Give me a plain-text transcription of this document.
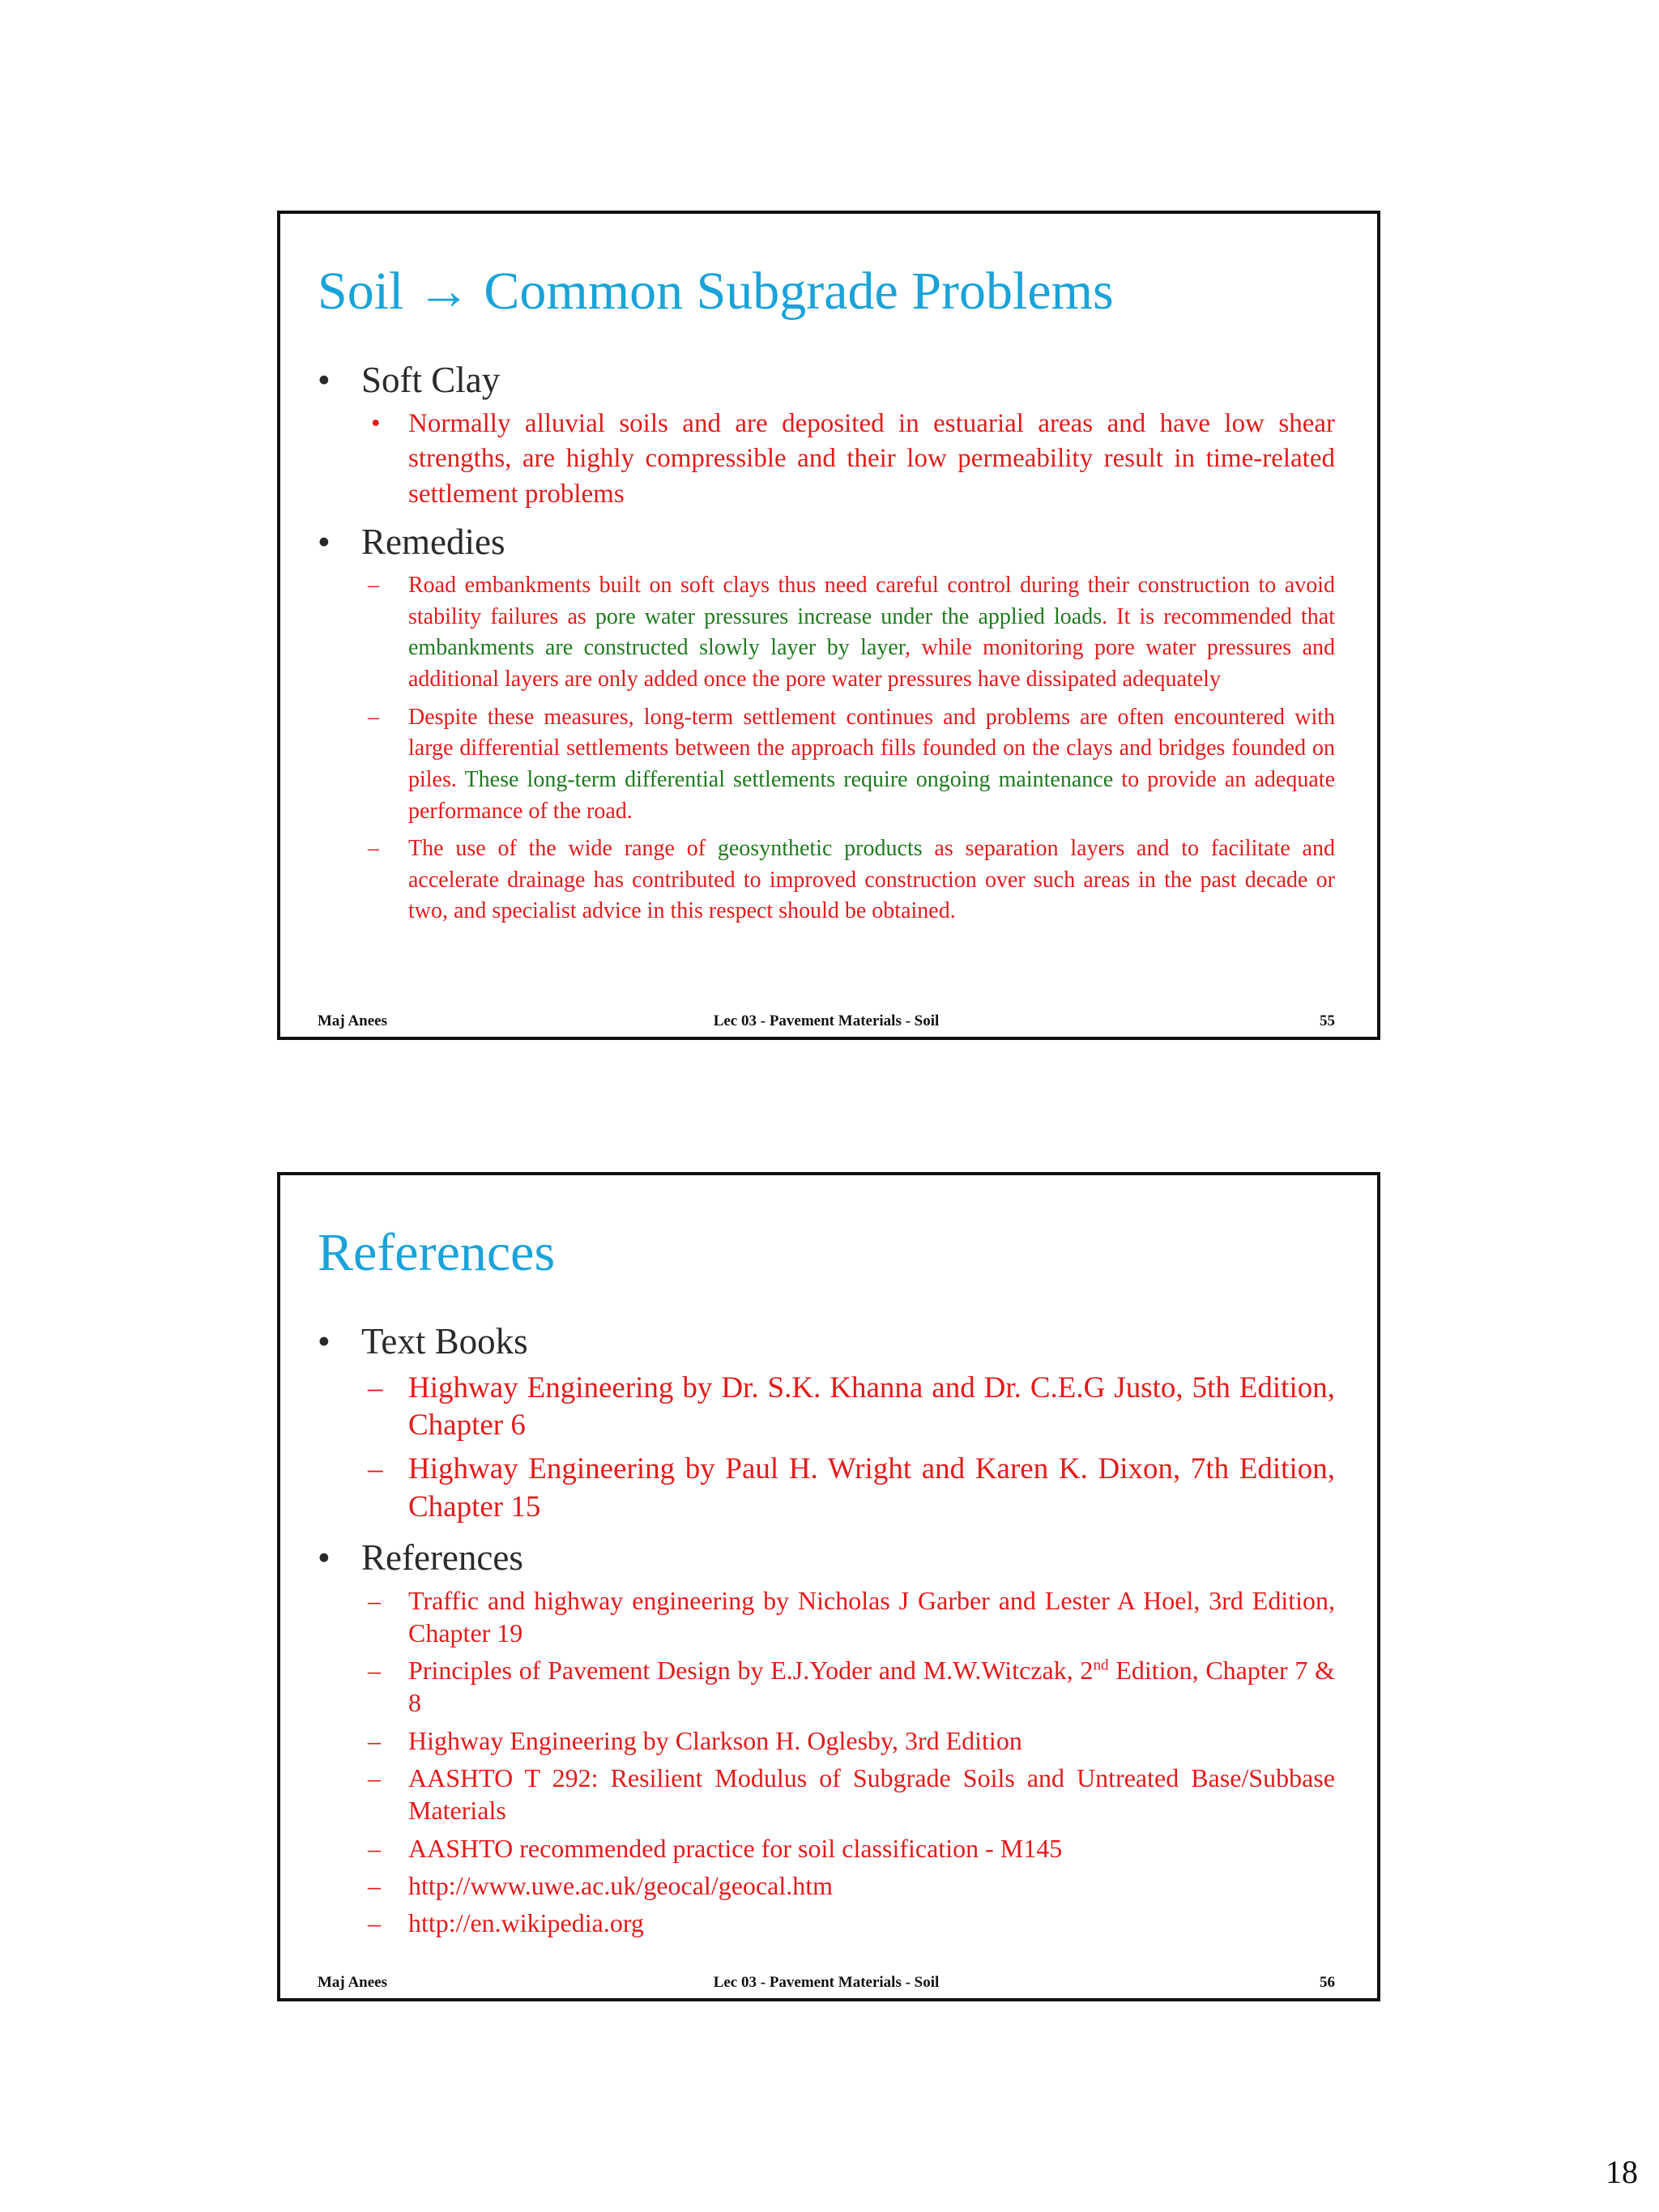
Soil → Common Subgrade Problems

• Soft Clay

• Normally alluvial soils and are deposited in estuarial areas and have low shear strengths, are highly compressible and their low permeability result in time-related settlement problems

• Remedies

– Road embankments built on soft clays thus need careful control during their construction to avoid stability failures as pore water pressures increase under the applied loads. It is recommended that embankments are constructed slowly layer by layer, while monitoring pore water pressures and additional layers are only added once the pore water pressures have dissipated adequately

– Despite these measures, long-term settlement continues and problems are often encountered with large differential settlements between the approach fills founded on the clays and bridges founded on piles. These long-term differential settlements require ongoing maintenance to provide an adequate performance of the road.

– The use of the wide range of geosynthetic products as separation layers and to facilitate and accelerate drainage has contributed to improved construction over such areas in the past decade or two, and specialist advice in this respect should be obtained.

Maj Anees	Lec 03 - Pavement Materials - Soil	55
References

• Text Books

– Highway Engineering by Dr. S.K. Khanna and Dr. C.E.G Justo, 5th Edition, Chapter 6

– Highway Engineering by Paul H. Wright and Karen K. Dixon, 7th Edition, Chapter 15

• References

– Traffic and highway engineering by Nicholas J Garber and Lester A Hoel, 3rd Edition, Chapter 19

– Principles of Pavement Design by E.J.Yoder and M.W.Witczak, 2nd Edition, Chapter 7 & 8

– Highway Engineering by Clarkson H. Oglesby, 3rd Edition

– AASHTO T 292: Resilient Modulus of Subgrade Soils and Untreated Base/Subbase Materials

– AASHTO recommended practice for soil classification - M145

– http://www.uwe.ac.uk/geocal/geocal.htm

– http://en.wikipedia.org

Maj Anees	Lec 03 - Pavement Materials - Soil	56
18
